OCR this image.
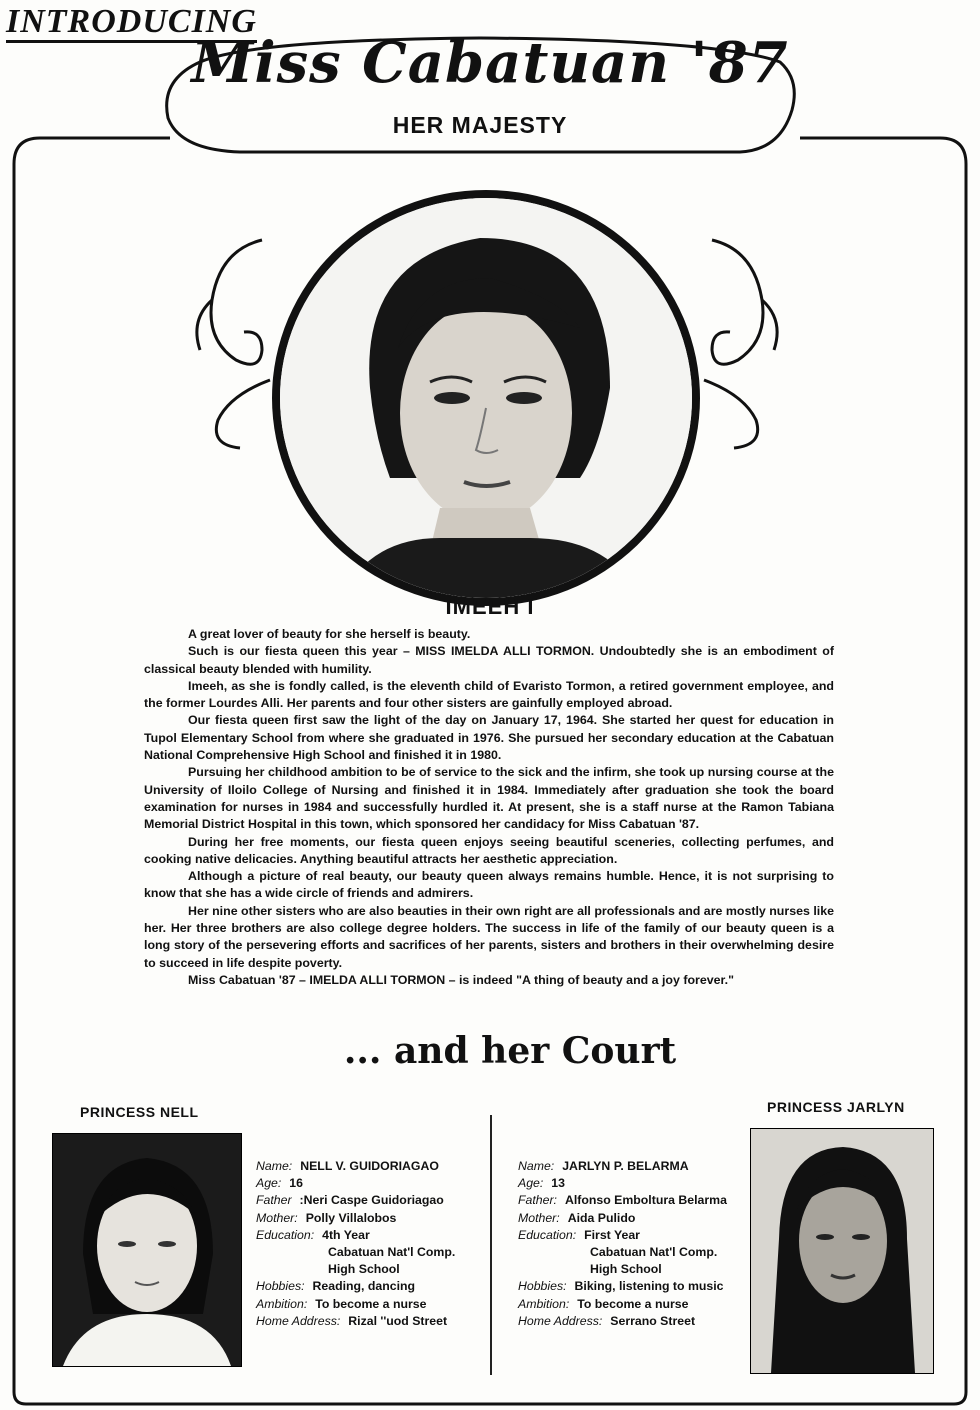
INTRODUCING
Miss Cabatuan '87
HER MAJESTY
IMEEH I

A great lover of beauty for she herself is beauty.

Such is our fiesta queen this year – MISS IMELDA ALLI TORMON. Undoubtedly she is an embodiment of classical beauty blended with humility.

Imeeh, as she is fondly called, is the eleventh child of Evaristo Tormon, a retired government employee, and the former Lourdes Alli. Her parents and four other sisters are gainfully employed abroad.

Our fiesta queen first saw the light of the day on January 17, 1964. She started her quest for education in Tupol Elementary School from where she graduated in 1976. She pursued her secondary education at the Cabatuan National Comprehensive High School and finished it in 1980.

Pursuing her childhood ambition to be of service to the sick and the infirm, she took up nursing course at the University of Iloilo College of Nursing and finished it in 1984. Immediately after graduation she took the board examination for nurses in 1984 and successfully hurdled it. At present, she is a staff nurse at the Ramon Tabiana Memorial District Hospital in this town, which sponsored her candidacy for Miss Cabatuan '87.

During her free moments, our fiesta queen enjoys seeing beautiful sceneries, collecting perfumes, and cooking native delicacies. Anything beautiful attracts her aesthetic appreciation.

Although a picture of real beauty, our beauty queen always remains humble. Hence, it is not surprising to know that she has a wide circle of friends and admirers.

Her nine other sisters who are also beauties in their own right are all professionals and are mostly nurses like her. Her three brothers are also college degree holders. The success in life of the family of our beauty queen is a long story of the persevering efforts and sacrifices of her parents, sisters and brothers in their overwhelming desire to succeed in life despite poverty.

Miss Cabatuan '87 – IMELDA ALLI TORMON – is indeed "A thing of beauty and a joy forever."

... and her Court
PRINCESS NELL
Name: NELL V. GUIDORIAGAO
Age: 16
Father :Neri Caspe Guidoriagao
Mother: Polly Villalobos
Education: 4th Year
Cabatuan Nat'l Comp.
High School
Hobbies: Reading, dancing
Ambition: To become a nurse
Home Address: Rizal ''uod Street
PRINCESS JARLYN
Name: JARLYN P. BELARMA
Age: 13
Father: Alfonso Emboltura Belarma
Mother: Aida Pulido
Education: First Year
Cabatuan Nat'l Comp.
High School
Hobbies: Biking, listening to music
Ambition: To become a nurse
Home Address: Serrano Street
